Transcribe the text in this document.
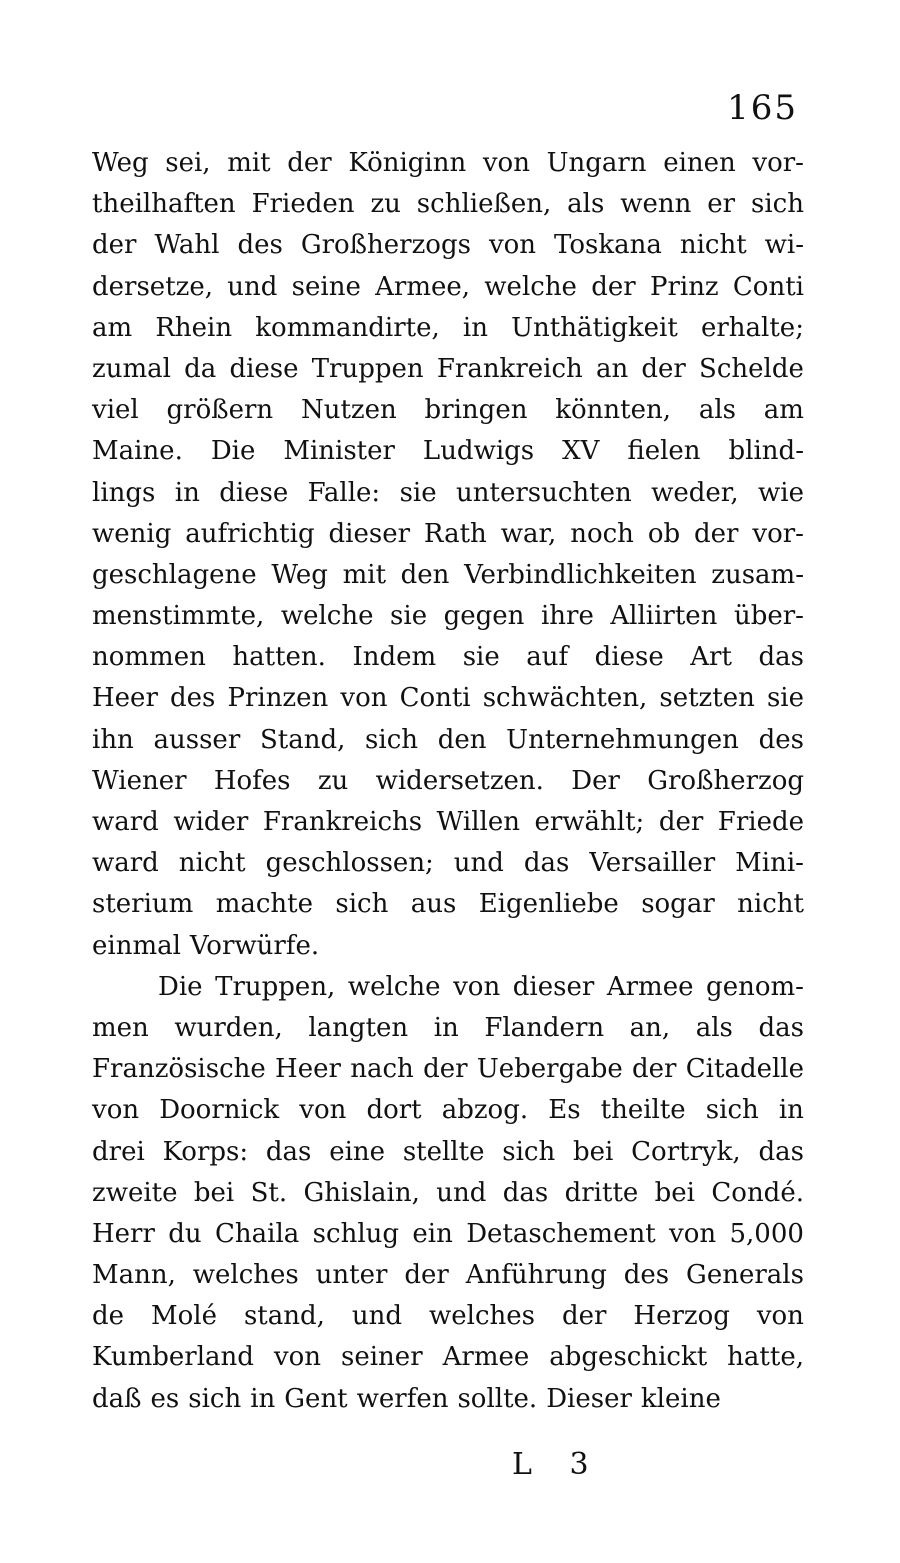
165
Weg sei, mit der Königinn von Ungarn einen vor-
theilhaften Frieden zu schließen, als wenn er sich
der Wahl des Großherzogs von Toskana nicht wi-
dersetze, und seine Armee, welche der Prinz Conti
am Rhein kommandirte, in Unthätigkeit erhalte;
zumal da diese Truppen Frankreich an der Schelde
viel größern Nutzen bringen könnten, als am
Maine. Die Minister Ludwigs XV fielen blind-
lings in diese Falle: sie untersuchten weder, wie
wenig aufrichtig dieser Rath war, noch ob der vor-
geschlagene Weg mit den Verbindlichkeiten zusam-
menstimmte, welche sie gegen ihre Alliirten über-
nommen hatten. Indem sie auf diese Art das
Heer des Prinzen von Conti schwächten, setzten sie
ihn ausser Stand, sich den Unternehmungen des
Wiener Hofes zu widersetzen. Der Großherzog
ward wider Frankreichs Willen erwählt; der Friede
ward nicht geschlossen; und das Versailler Mini-
sterium machte sich aus Eigenliebe sogar nicht
einmal Vorwürfe.
Die Truppen, welche von dieser Armee genom-
men wurden, langten in Flandern an, als das
Französische Heer nach der Uebergabe der Citadelle
von Doornick von dort abzog. Es theilte sich in
drei Korps: das eine stellte sich bei Cortryk, das
zweite bei St. Ghislain, und das dritte bei Condé.
Herr du Chaila schlug ein Detaschement von 5,000
Mann, welches unter der Anführung des Generals
de Molé stand, und welches der Herzog von
Kumberland von seiner Armee abgeschickt hatte,
daß es sich in Gent werfen sollte. Dieser kleine
L 3
